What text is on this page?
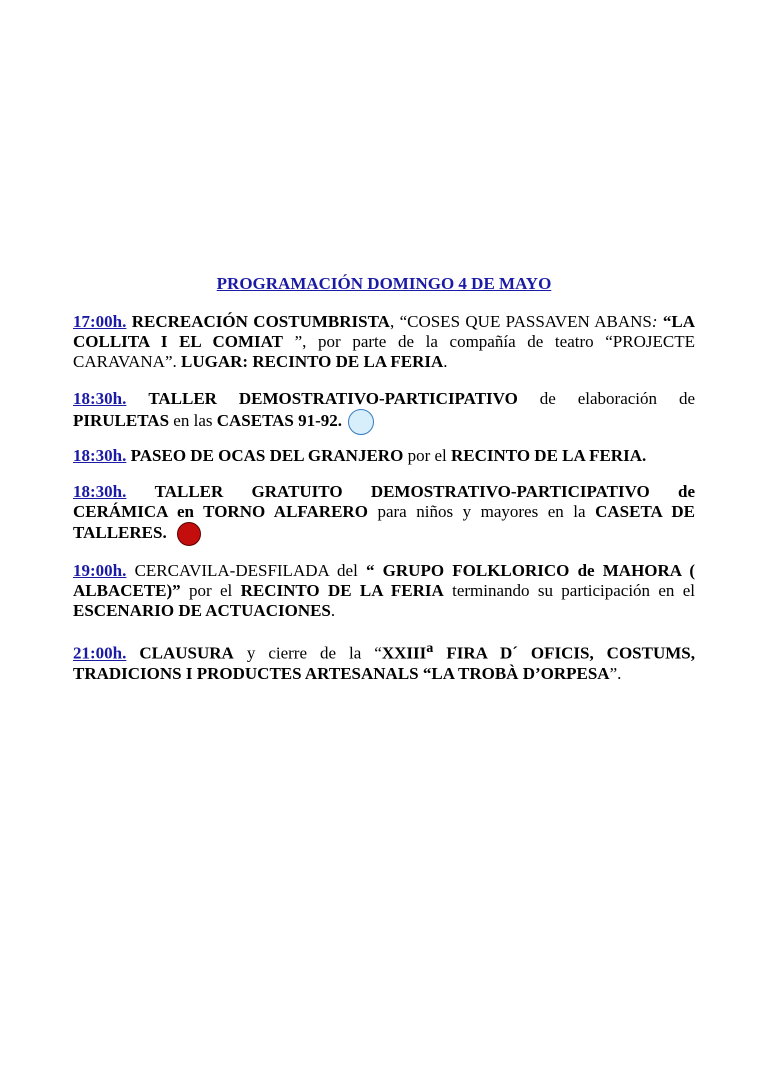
PROGRAMACIÓN DOMINGO 4 DE MAYO
17:00h. RECREACIÓN COSTUMBRISTA, “COSES QUE PASSAVEN ABANS: “LA COLLITA I EL COMIAT ”, por parte de la compañía de teatro “PROJECTE CARAVANA”. LUGAR: RECINTO DE LA FERIA.
18:30h. TALLER DEMOSTRATIVO-PARTICIPATIVO de elaboración de PIRULETAS en las CASETAS 91-92.
18:30h. PASEO DE OCAS DEL GRANJERO por el RECINTO DE LA FERIA.
18:30h. TALLER GRATUITO DEMOSTRATIVO-PARTICIPATIVO de CERÁMICA en TORNO ALFARERO para niños y mayores en la CASETA DE TALLERES.
19:00h. CERCAVILA-DESFILADA del “ GRUPO FOLKLORICO de MAHORA ( ALBACETE)” por el RECINTO DE LA FERIA terminando su participación en el ESCENARIO DE ACTUACIONES.
21:00h. CLAUSURA y cierre de la “XXIII$^a$ FIRA D´ OFICIS, COSTUMS, TRADICIONS I PRODUCTES ARTESANALS “LA TROBÀ D’ORPESA”.
